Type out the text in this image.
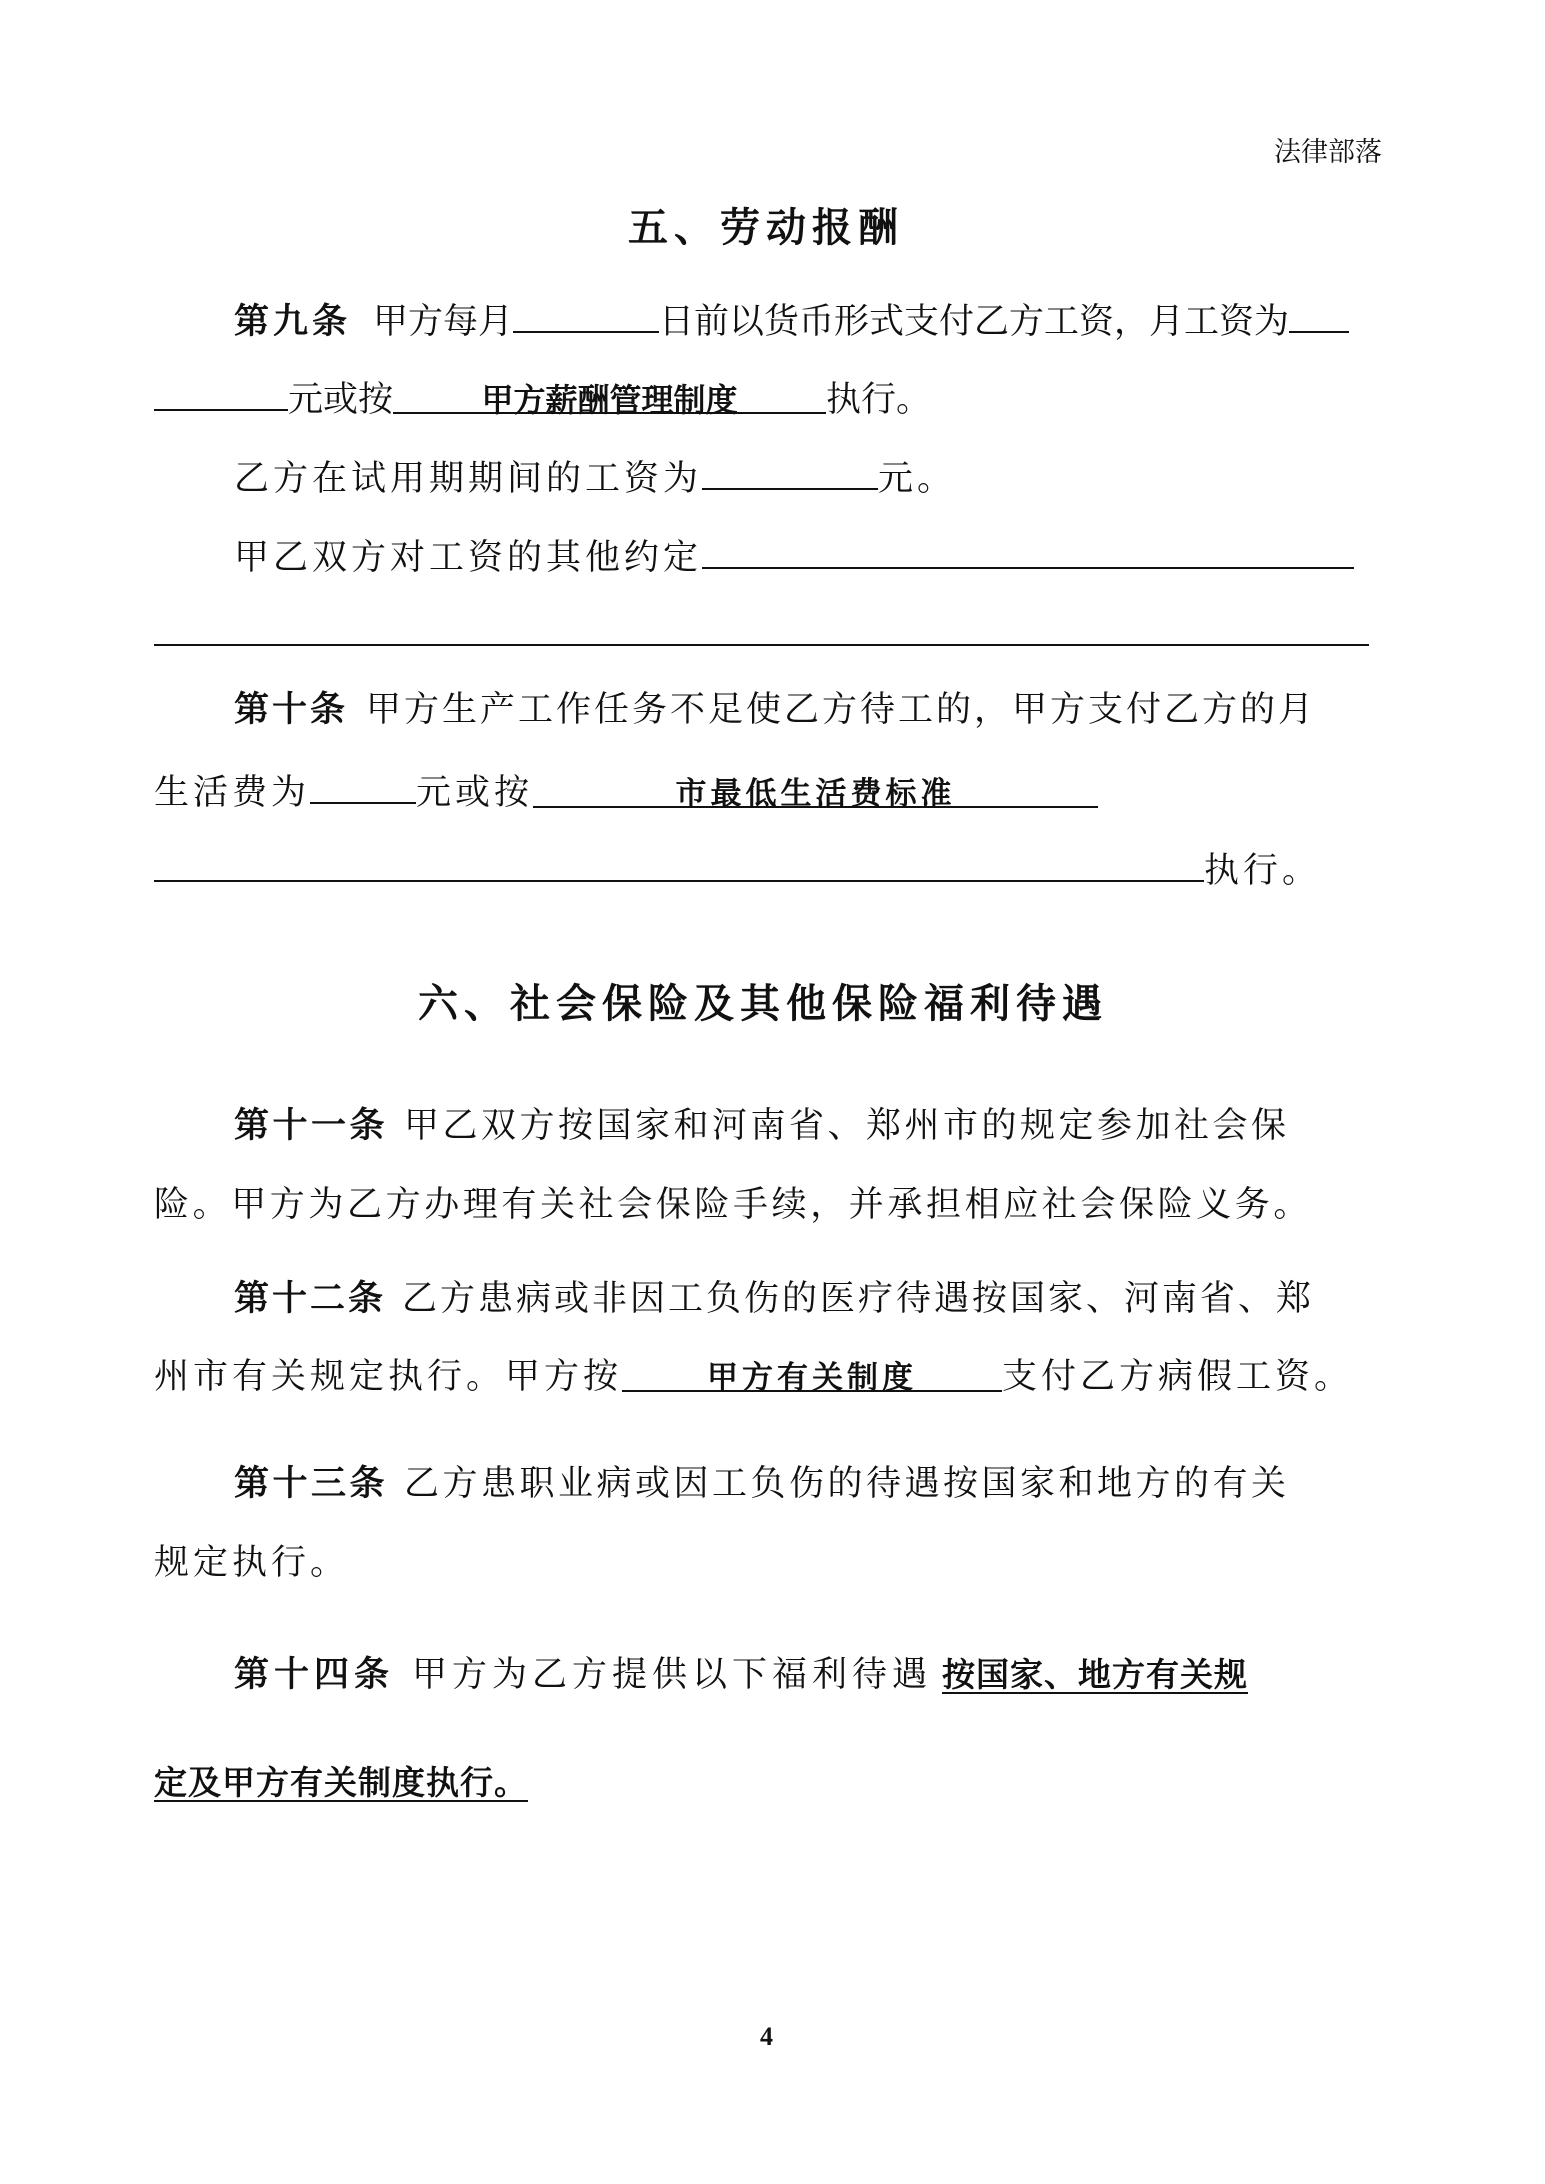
法律部落
五、劳动报酬
第九条 甲方每月	日前以货币形式支付乙方工资，月工资为
元或按	甲方薪酬管理制度	执行。
乙方在试用期期间的工资为	元。
甲乙双方对工资的其他约定
第十条 甲方生产工作任务不足使乙方待工的，甲方支付乙方的月
生活费为	元或按	市最低生活费标准
执行。
六、社会保险及其他保险福利待遇
第十一条 甲乙双方按国家和河南省、郑州市的规定参加社会保
险。甲方为乙方办理有关社会保险手续，并承担相应社会保险义务。
第十二条 乙方患病或非因工负伤的医疗待遇按国家、河南省、郑
州市有关规定执行。甲方按	甲方有关制度 支付乙方病假工资。
第十三条 乙方患职业病或因工负伤的待遇按国家和地方的有关
规定执行。
第十四条 甲方为乙方提供以下福利待遇 按国家、地方有关规
定及甲方有关制度执行。
4
